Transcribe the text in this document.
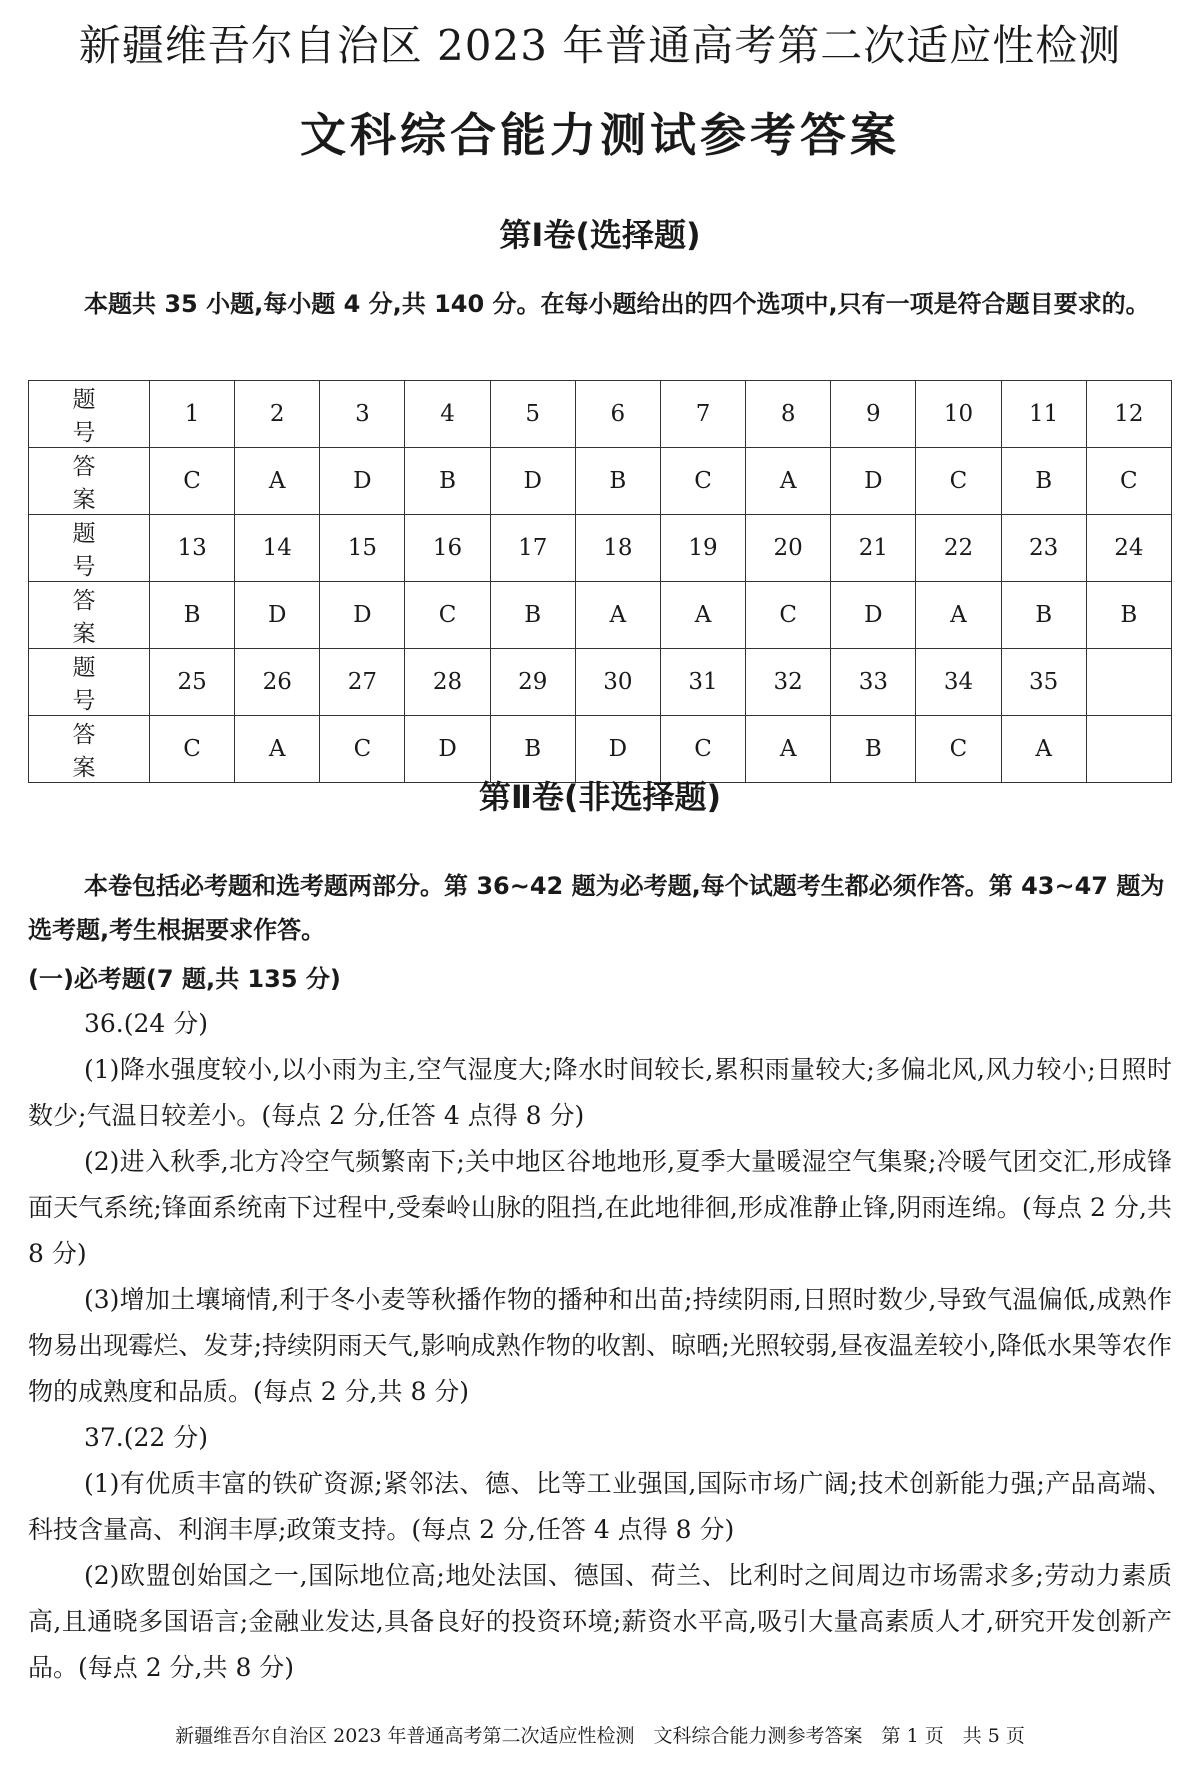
新疆维吾尔自治区 2023 年普通高考第二次适应性检测
文科综合能力测试参考答案
第Ⅰ卷(选择题)

本题共 35 小题,每小题 4 分,共 140 分。在每小题给出的四个选项中,只有一项是符合题目要求的。

题　号	1	2	3	4	5	6	7	8	9	10	11	12
答　案	C	A	D	B	D	B	C	A	D	C	B	C
题　号	13	14	15	16	17	18	19	20	21	22	23	24
答　案	B	D	D	C	B	A	A	C	D	A	B	B
题　号	25	26	27	28	29	30	31	32	33	34	35	
答　案	C	A	C	D	B	D	C	A	B	C	A	
第Ⅱ卷(非选择题)

本卷包括必考题和选考题两部分。第 36~42 题为必考题,每个试题考生都必须作答。第 43~47 题为选考题,考生根据要求作答。

(一)必考题(7 题,共 135 分)

36.(24 分)

(1)降水强度较小,以小雨为主,空气湿度大;降水时间较长,累积雨量较大;多偏北风,风力较小;日照时数少;气温日较差小。(每点 2 分,任答 4 点得 8 分)

(2)进入秋季,北方冷空气频繁南下;关中地区谷地地形,夏季大量暖湿空气集聚;冷暖气团交汇,形成锋面天气系统;锋面系统南下过程中,受秦岭山脉的阻挡,在此地徘徊,形成准静止锋,阴雨连绵。(每点 2 分,共 8 分)

(3)增加土壤墒情,利于冬小麦等秋播作物的播种和出苗;持续阴雨,日照时数少,导致气温偏低,成熟作物易出现霉烂、发芽;持续阴雨天气,影响成熟作物的收割、晾晒;光照较弱,昼夜温差较小,降低水果等农作物的成熟度和品质。(每点 2 分,共 8 分)

37.(22 分)

(1)有优质丰富的铁矿资源;紧邻法、德、比等工业强国,国际市场广阔;技术创新能力强;产品高端、科技含量高、利润丰厚;政策支持。(每点 2 分,任答 4 点得 8 分)

(2)欧盟创始国之一,国际地位高;地处法国、德国、荷兰、比利时之间周边市场需求多;劳动力素质高,且通晓多国语言;金融业发达,具备良好的投资环境;薪资水平高,吸引大量高素质人才,研究开发创新产品。(每点 2 分,共 8 分)

新疆维吾尔自治区 2023 年普通高考第二次适应性检测　文科综合能力测参考答案　第 1 页　共 5 页
